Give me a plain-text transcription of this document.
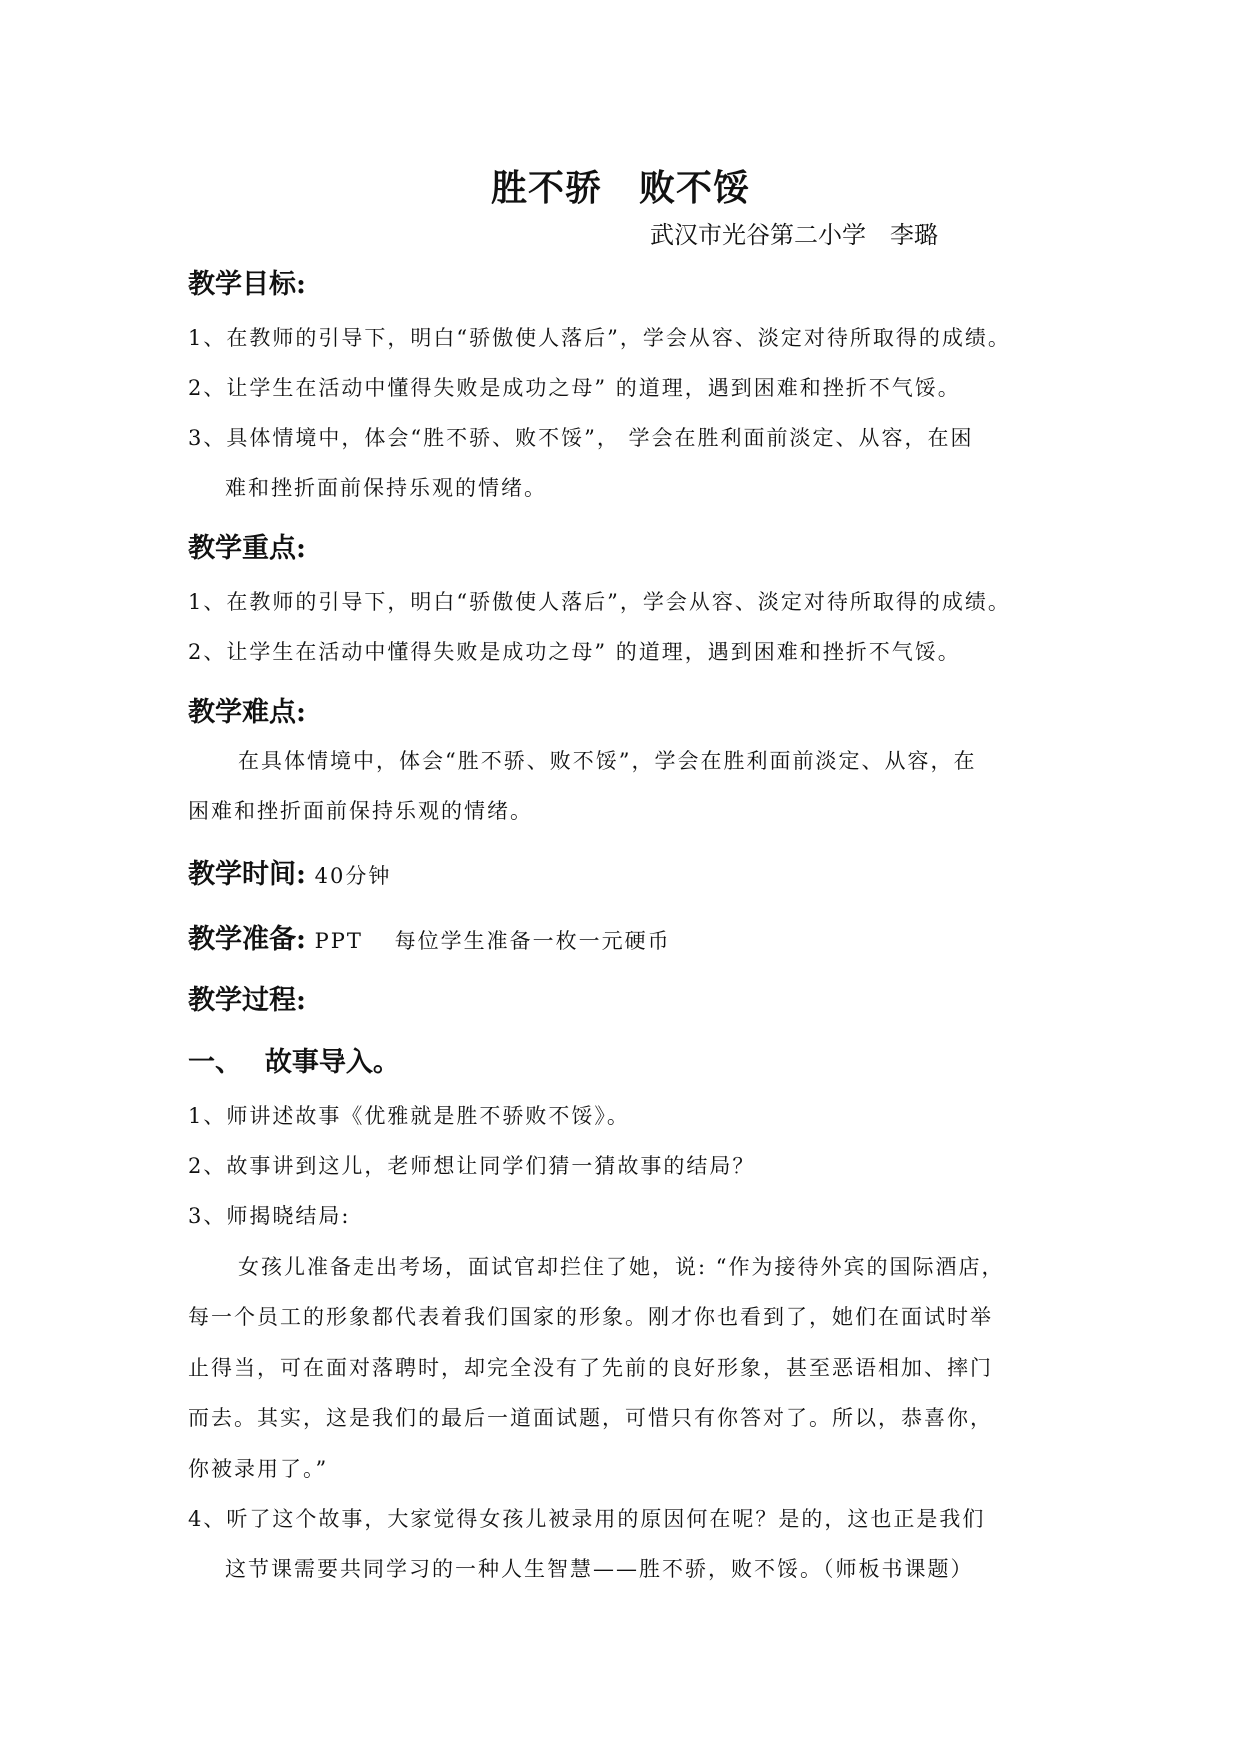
胜不骄　败不馁
武汉市光谷第二小学　李璐
教学目标:
1、在教师的引导下，明白“骄傲使人落后”，学会从容、淡定对待所取得的成绩。
2、让学生在活动中懂得失败是成功之母” 的道理，遇到困难和挫折不气馁。
3、具体情境中，体会“胜不骄、败不馁”， 学会在胜利面前淡定、从容，在困
难和挫折面前保持乐观的情绪。
教学重点:
1、在教师的引导下，明白“骄傲使人落后”，学会从容、淡定对待所取得的成绩。
2、让学生在活动中懂得失败是成功之母” 的道理，遇到困难和挫折不气馁。
教学难点:
在具体情境中，体会“胜不骄、败不馁”，学会在胜利面前淡定、从容，在
困难和挫折面前保持乐观的情绪。
教学时间: 40分钟
教学准备: PPT　 每位学生准备一枚一元硬币
教学过程:
一、　 故事导入。
1、师讲述故事《优雅就是胜不骄败不馁》。
2、故事讲到这儿，老师想让同学们猜一猜故事的结局？
3、师揭晓结局:
女孩儿准备走出考场，面试官却拦住了她，说: “作为接待外宾的国际酒店，
每一个员工的形象都代表着我们国家的形象。刚才你也看到了，她们在面试时举
止得当，可在面对落聘时，却完全没有了先前的良好形象，甚至恶语相加、摔门
而去。其实，这是我们的最后一道面试题，可惜只有你答对了。所以，恭喜你，
你被录用了。”
4、听了这个故事，大家觉得女孩儿被录用的原因何在呢？是的，这也正是我们
这节课需要共同学习的一种人生智慧——胜不骄，败不馁。（师板书课题）
